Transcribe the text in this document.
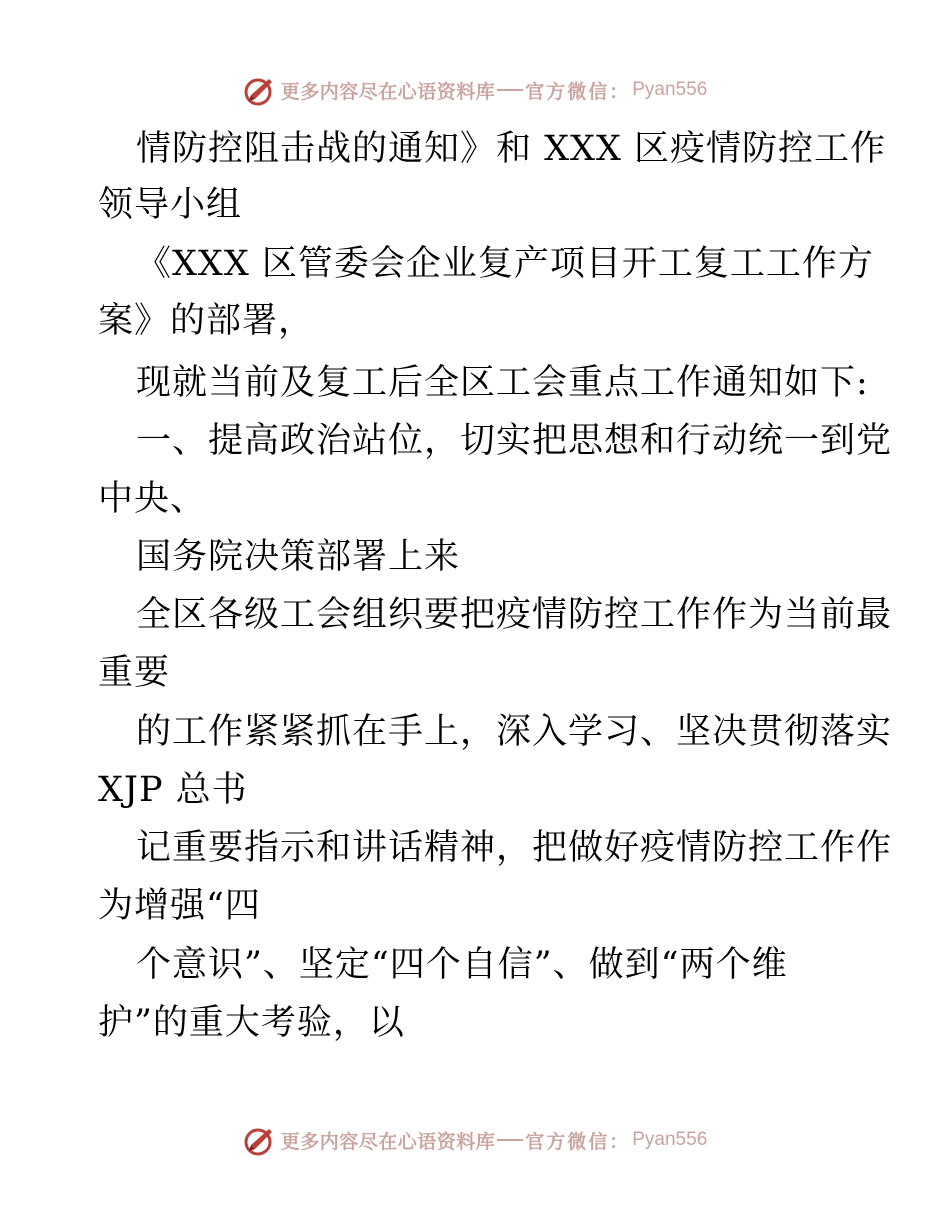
更多内容尽在心语资料库 官方微信： Pyan556
情防控阻击战的通知》和 XXX 区疫情防控工作
领导小组
《XXX 区管委会企业复产项目开工复工工作方
案》的部署，
现就当前及复工后全区工会重点工作通知如下:
一、提高政治站位，切实把思想和行动统一到党
中央、
国务院决策部署上来
全区各级工会组织要把疫情防控工作作为当前最
重要
的工作紧紧抓在手上，深入学习、坚决贯彻落实
XJP 总书
记重要指示和讲话精神，把做好疫情防控工作作
为增强“四
个意识”、坚定“四个自信”、做到“两个维
护”的重大考验，以
更多内容尽在心语资料库 官方微信： Pyan556
